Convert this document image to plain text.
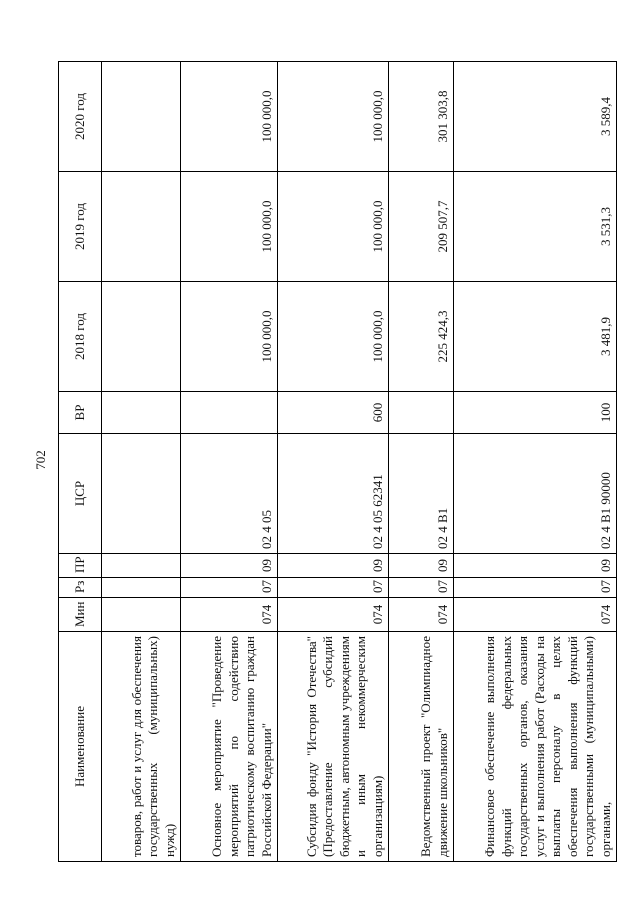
702
Наименование	Мин	Рз	ПР	ЦСР	ВР	2018 год	2019 год	2020 год
товаров, работ и услуг для обеспечения государственных (муниципальных) нужд)								
Основное мероприятие "Проведение мероприятий по содействию патриотическому воспитанию граждан Российской Федерации"	074	07	09	02 4 05		100 000,0	100 000,0	100 000,0
Субсидия фонду "История Отечества" (Предоставление субсидий бюджетным, автономным учреждениям и иным некоммерческим организациям)	074	07	09	02 4 05 62341	600	100 000,0	100 000,0	100 000,0
Ведомственный проект "Олимпиадное движение школьников"	074	07	09	02 4 В1		225 424,3	209 507,7	301 303,8
Финансовое обеспечение выполнения функций федеральных государственных органов, оказания услуг и выполнения работ (Расходы на выплаты персоналу в целях обеспечения выполнения функций государственными (муниципальными) органами,	074	07	09	02 4 В1 90000	100	3 481,9	3 531,3	3 589,4
